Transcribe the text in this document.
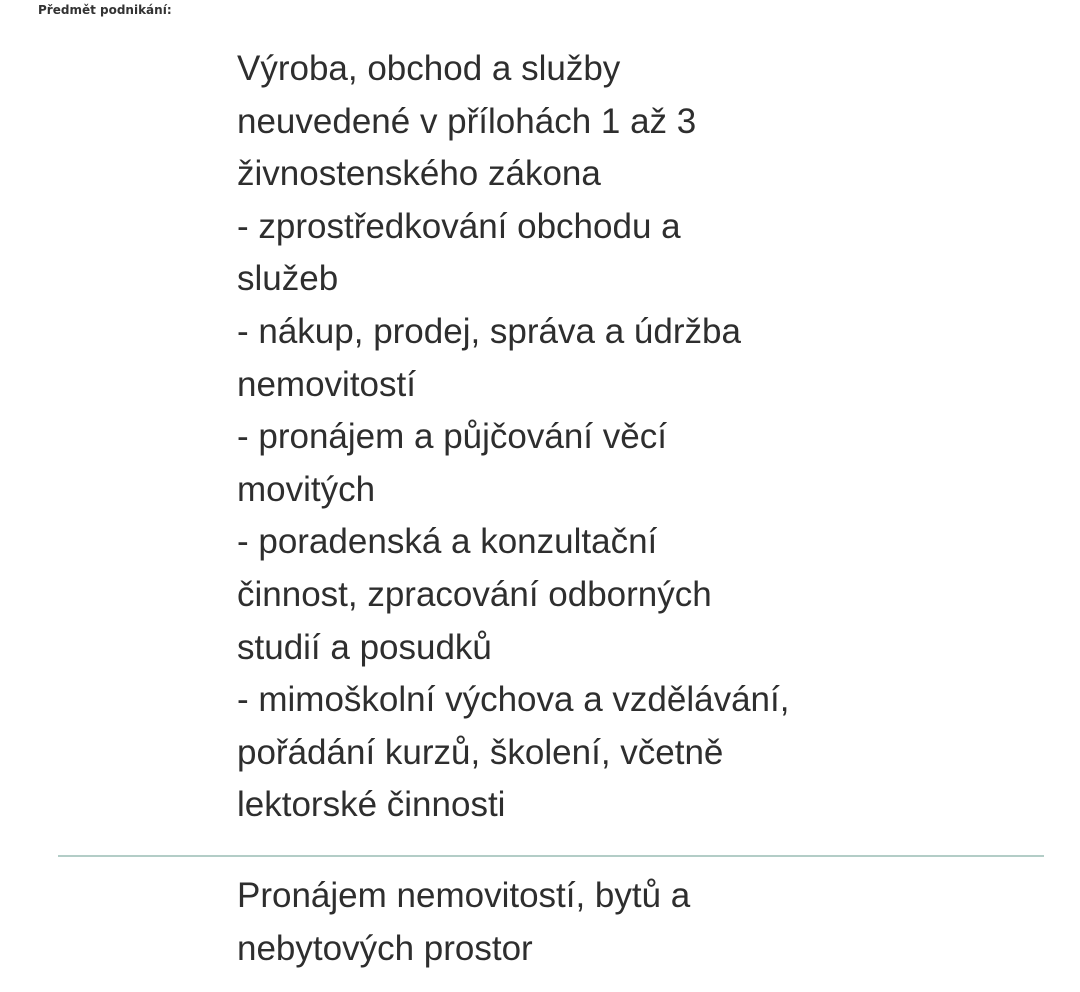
Předmět podnikání:
Výroba, obchod a služby
neuvedené v přílohách 1 až 3
živnostenského zákona
- zprostředkování obchodu a
služeb
- nákup, prodej, správa a údržba
nemovitostí
- pronájem a půjčování věcí
movitých
- poradenská a konzultační
činnost, zpracování odborných
studií a posudků
- mimoškolní výchova a vzdělávání,
pořádání kurzů, školení, včetně
lektorské činnosti
Pronájem nemovitostí, bytů a
nebytových prostor
